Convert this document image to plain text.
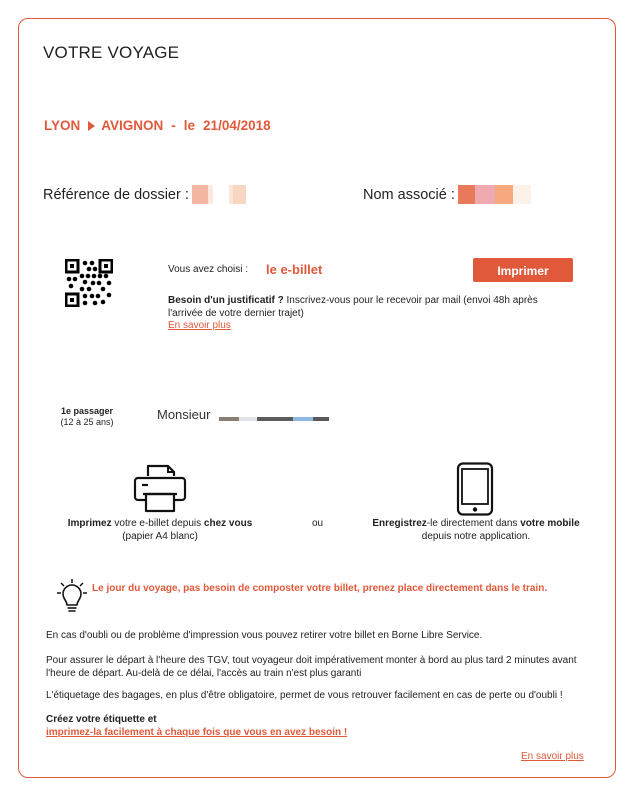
VOTRE VOYAGE
LYON AVIGNON - le 21/04/2018
Référence de dossier :	Nom associé :
Vous avez choisi : le e-billet	Imprimer
Besoin d'un justificatif ? Inscrivez-vous pour le recevoir par mail (envoi 48h après l'arrivée de votre dernier trajet)
En savoir plus
1e passager
(12 à 25 ans)	Monsieur
Imprimez votre e-billet depuis chez vous
(papier A4 blanc)
ou	Enregistrez-le directement dans votre mobile
depuis notre application.
Le jour du voyage, pas besoin de composter votre billet, prenez place directement dans le train.
En cas d'oubli ou de problème d'impression vous pouvez retirer votre billet en Borne Libre Service.
Pour assurer le départ à l'heure des TGV, tout voyageur doit impérativement monter à bord au plus tard 2 minutes avant l'heure de départ. Au-delà de ce délai, l'accès au train n'est plus garanti
L'étiquetage des bagages, en plus d'être obligatoire, permet de vous retrouver facilement en cas de perte ou d'oubli !
Créez votre étiquette et
imprimez-la facilement à chaque fois que vous en avez besoin !
En savoir plus
